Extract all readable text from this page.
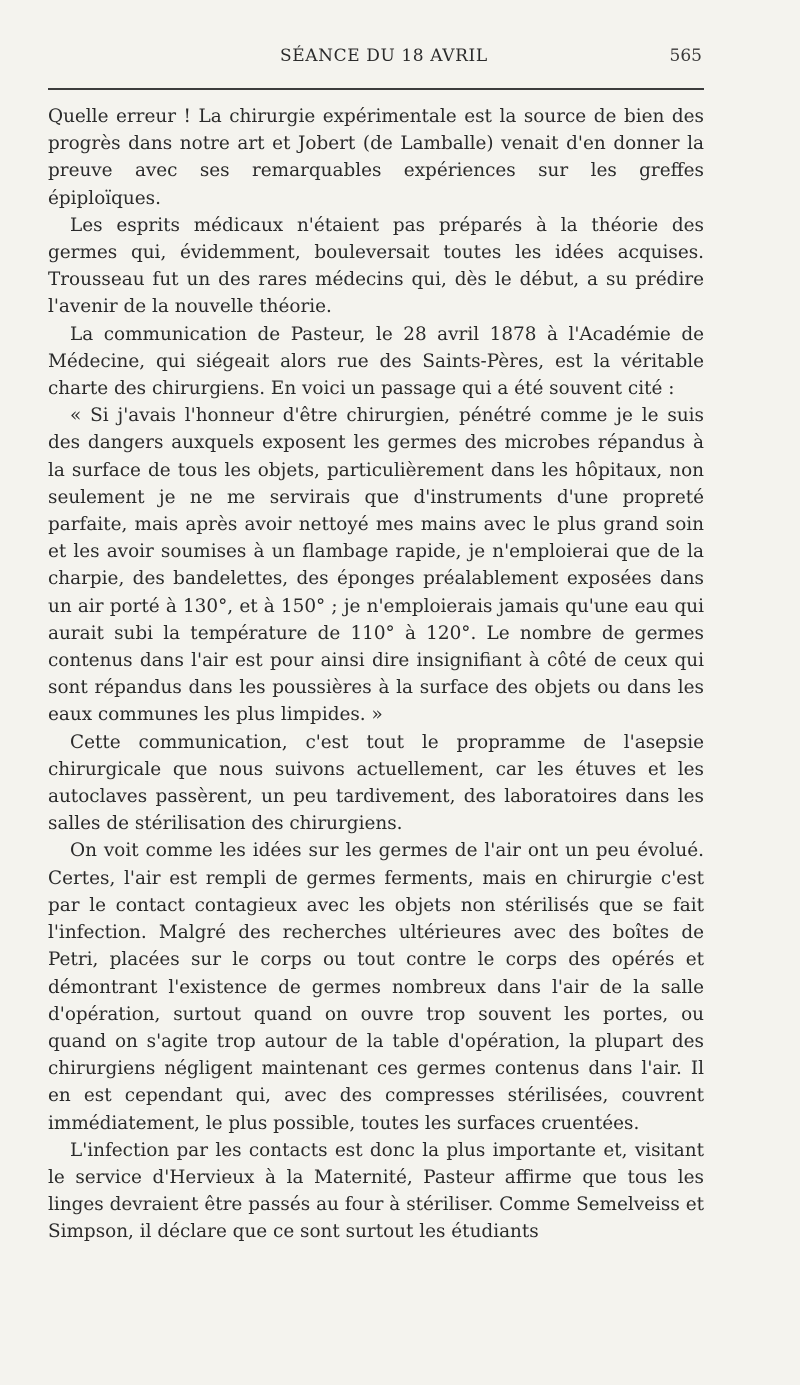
SÉANCE DU 18 AVRIL	565

Quelle erreur ! La chirurgie expérimentale est la source de bien des progrès dans notre art et Jobert (de Lamballe) venait d'en donner la preuve avec ses remarquables expériences sur les greffes épiploïques.

Les esprits médicaux n'étaient pas préparés à la théorie des germes qui, évidemment, bouleversait toutes les idées acquises. Trousseau fut un des rares médecins qui, dès le début, a su prédire l'avenir de la nouvelle théorie.

La communication de Pasteur, le 28 avril 1878 à l'Académie de Médecine, qui siégeait alors rue des Saints-Pères, est la véritable charte des chirurgiens. En voici un passage qui a été souvent cité :

« Si j'avais l'honneur d'être chirurgien, pénétré comme je le suis des dangers auxquels exposent les germes des microbes répandus à la surface de tous les objets, particulièrement dans les hôpitaux, non seulement je ne me servirais que d'instruments d'une propreté parfaite, mais après avoir nettoyé mes mains avec le plus grand soin et les avoir soumises à un flambage rapide, je n'emploierai que de la charpie, des bandelettes, des éponges préalablement exposées dans un air porté à 130°, et à 150° ; je n'emploierais jamais qu'une eau qui aurait subi la température de 110° à 120°. Le nombre de germes contenus dans l'air est pour ainsi dire insignifiant à côté de ceux qui sont répandus dans les poussières à la surface des objets ou dans les eaux communes les plus limpides. »

Cette communication, c'est tout le propramme de l'asepsie chirurgicale que nous suivons actuellement, car les étuves et les autoclaves passèrent, un peu tardivement, des laboratoires dans les salles de stérilisation des chirurgiens.

On voit comme les idées sur les germes de l'air ont un peu évolué. Certes, l'air est rempli de germes ferments, mais en chirurgie c'est par le contact contagieux avec les objets non stérilisés que se fait l'infection. Malgré des recherches ultérieures avec des boîtes de Petri, placées sur le corps ou tout contre le corps des opérés et démontrant l'existence de germes nombreux dans l'air de la salle d'opération, surtout quand on ouvre trop souvent les portes, ou quand on s'agite trop autour de la table d'opération, la plupart des chirurgiens négligent maintenant ces germes contenus dans l'air. Il en est cependant qui, avec des compresses stérilisées, couvrent immédiatement, le plus possible, toutes les surfaces cruentées.

L'infection par les contacts est donc la plus importante et, visitant le service d'Hervieux à la Maternité, Pasteur affirme que tous les linges devraient être passés au four à stériliser. Comme Semelveiss et Simpson, il déclare que ce sont surtout les étudiants
